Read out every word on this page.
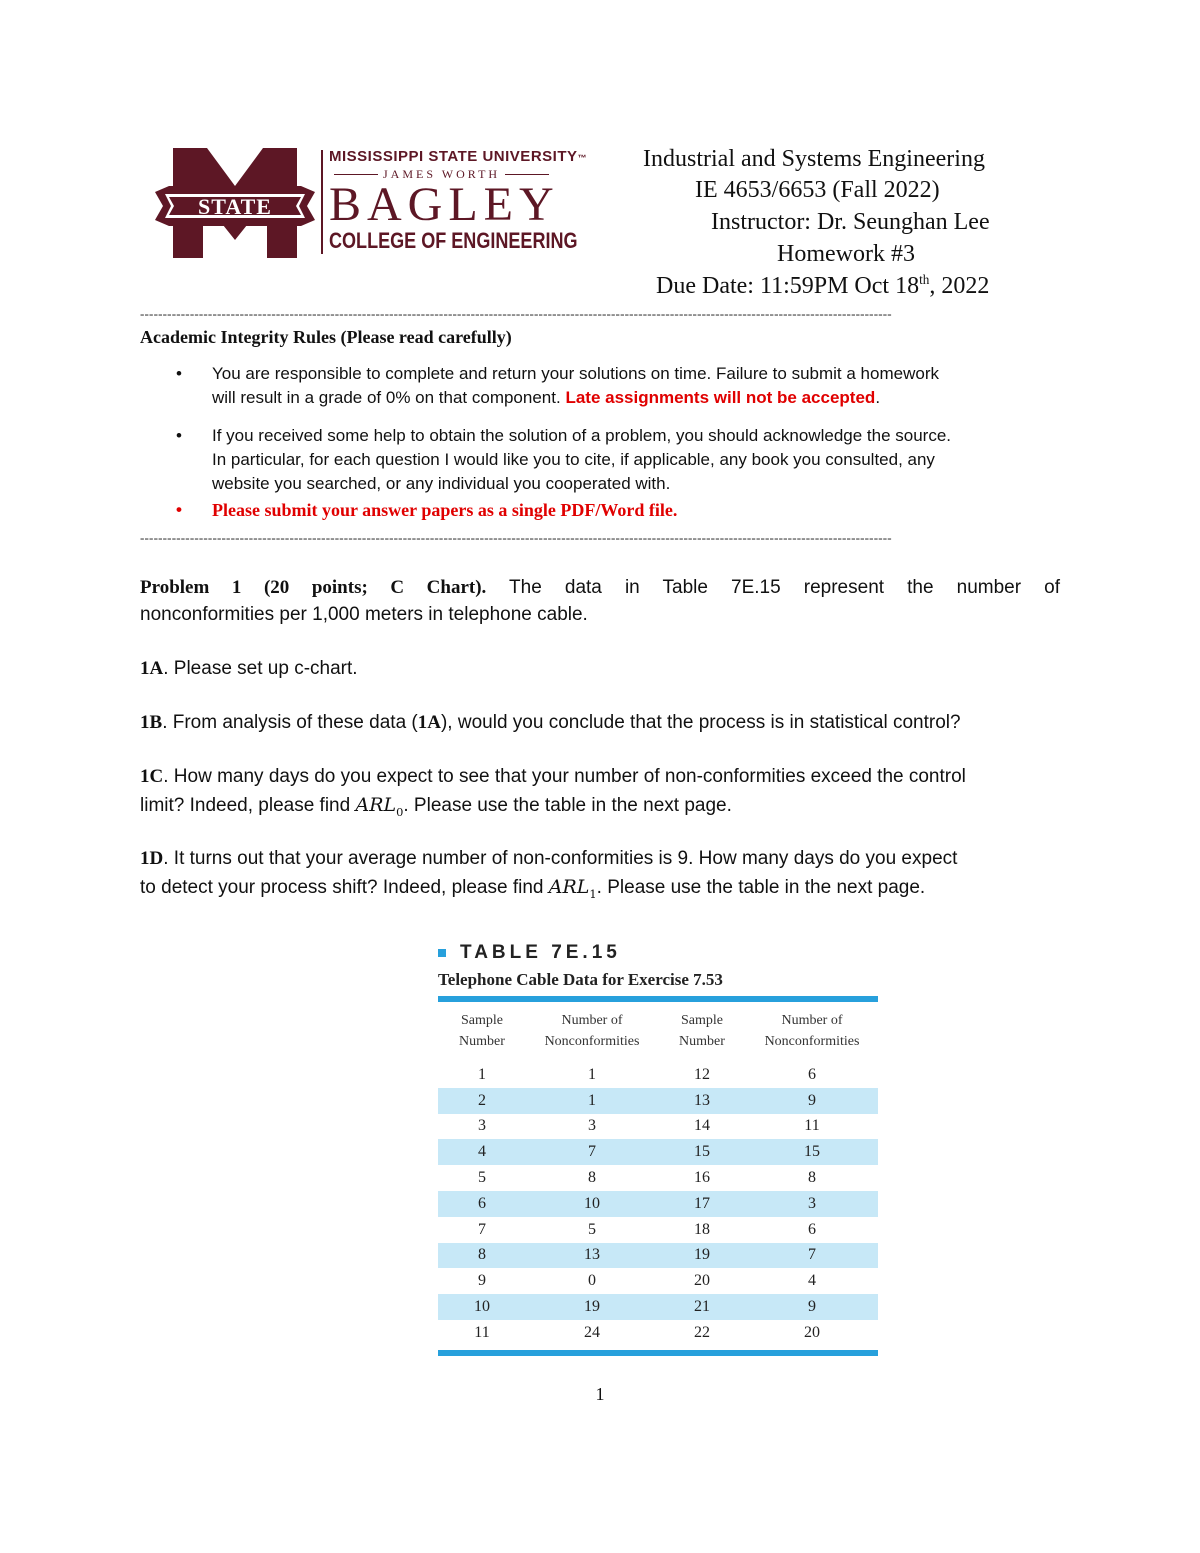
STATE
MISSISSIPPI STATE UNIVERSITY™
JAMES WORTH
BAGLEY
COLLEGE OF ENGINEERING
Industrial and Systems Engineering
IE 4653/6653 (Fall 2022)
Instructor: Dr. Seunghan Lee
Homework #3
Due Date: 11:59PM Oct 18th, 2022
----------------------------------------------------------------------------------------------------------------------------------------------------------------------
Academic Integrity Rules (Please read carefully)
• You are responsible to complete and return your solutions on time. Failure to submit a homework
will result in a grade of 0% on that component. Late assignments will not be accepted.
• If you received some help to obtain the solution of a problem, you should acknowledge the source.
In particular, for each question I would like you to cite, if applicable, any book you consulted, any
website you searched, or any individual you cooperated with.
• Please submit your answer papers as a single PDF/Word file.
----------------------------------------------------------------------------------------------------------------------------------------------------------------------
Problem 1 (20 points; C Chart). The data in Table 7E.15 represent the number of
nonconformities per 1,000 meters in telephone cable.
1A. Please set up c-chart.
1B. From analysis of these data (1A), would you conclude that the process is in statistical control?
1C. How many days do you expect to see that your number of non-conformities exceed the control
limit? Indeed, please find $ARL_0$. Please use the table in the next page.
1D. It turns out that your average number of non-conformities is 9. How many days do you expect
to detect your process shift? Indeed, please find $ARL_1$. Please use the table in the next page.
TABLE 7E.15
Telephone Cable Data for Exercise 7.53
Sample Number	Number of Nonconformities	Sample Number	Number of Nonconformities
1	1	12	6
2	1	13	9
3	3	14	11
4	7	15	15
5	8	16	8
6	10	17	3
7	5	18	6
8	13	19	7
9	0	20	4
10	19	21	9
11	24	22	20
1
